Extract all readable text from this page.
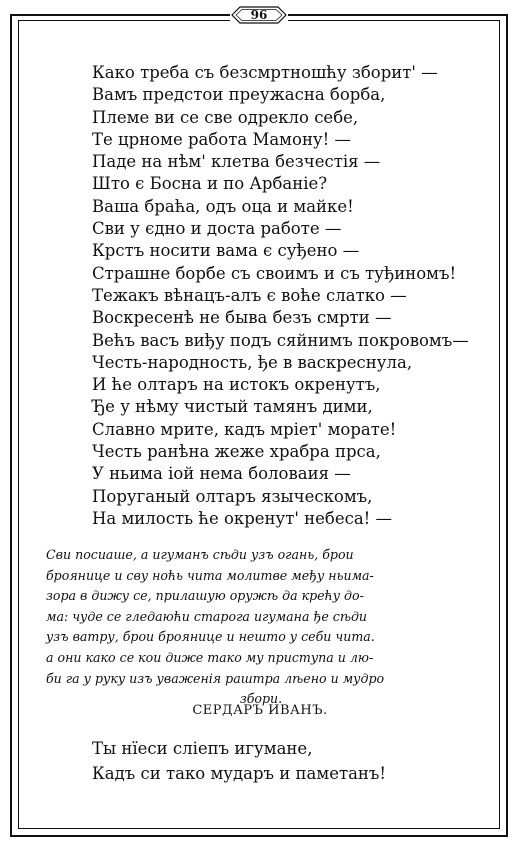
96
Како треба съ безсмртношћу зборит' —
Вамъ предстои преужасна борба,
Племе ви се све одрекло себе,
Те црноме работа Мамону! —
Паде на нѣм' клетва безчестія —
Што є Босна и по Арбаніе?
Ваша браћа, одъ оца и майке!
Сви у єдно и доста работе —
Крстъ носити вама є суђено —
Страшне борбе съ своимъ и съ туђиномъ!
Тежакъ вѣнацъ-алъ є воће слатко —
Воскресенѣ не быва безъ смрти —
Већъ васъ виђу подъ сяйнимъ покровомъ—
Честь-народность, ђе в васкреснула,
И ће олтаръ на истокъ окренутъ,
Ђе у нѣму чистый тамянъ дими,
Славно мрите, кадъ мріет' морате!
Честь ранѣна жеже храбра прса,
У ньима іой нема боловаия —
Поруганый олтаръ языческомъ,
На милость ће окренут' небеса! —

Сви посиаше, а игуманъ сѣди узъ огань, брои
броянице и сву ноћь чита молитве међу ньима-
зора в дижу се, прилашую оружѣ да крећу до-
ма: чуде се гледаюћи старога игумана ђе сѣди
узъ ватру, брои броянице и нешто у себи чита.
а они како се кои диже тако му приступа и лю-
би га у руку изъ уваженія раштра лѣено и мудро
збори.

СЕРДАРЪ ИВАНЪ.

Ты нїеси сліепъ игумане,
Кадъ си тако мударъ и паметанъ!
